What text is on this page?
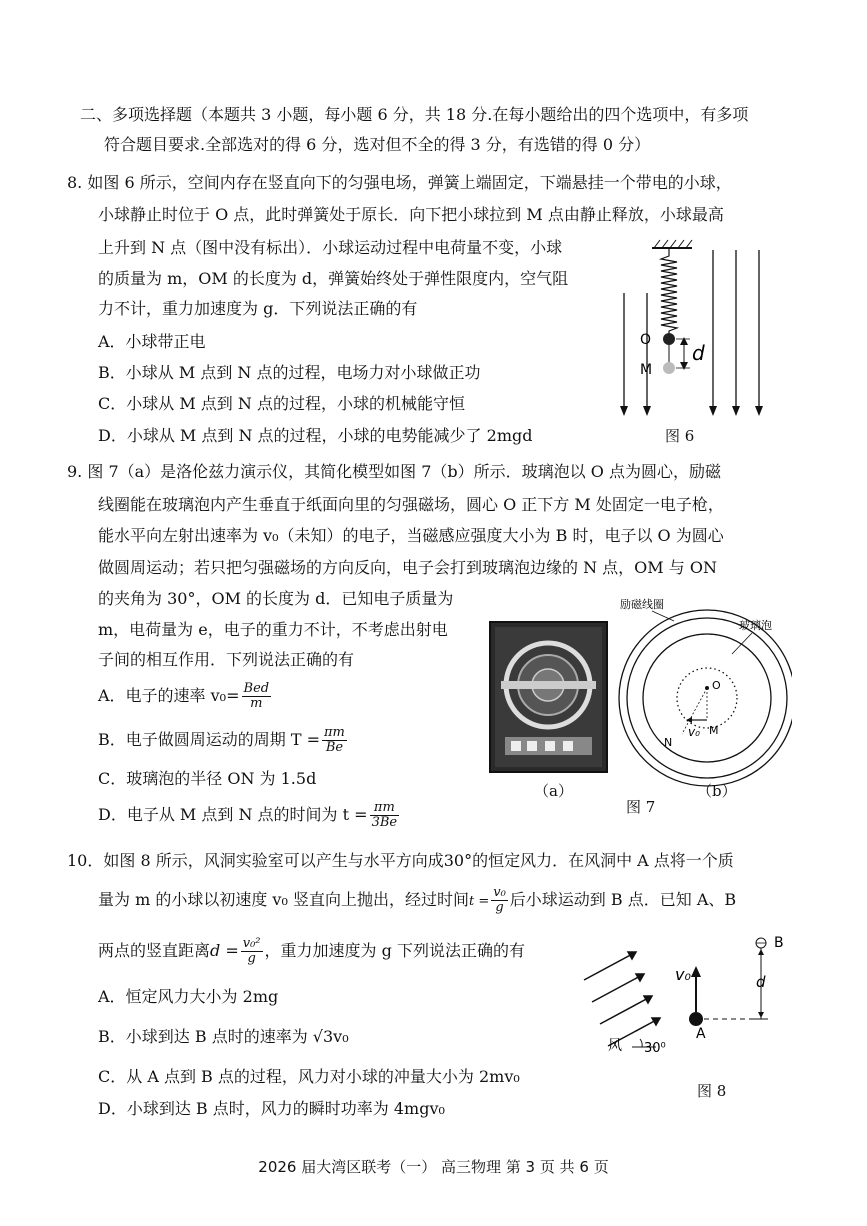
二、多项选择题（本题共 3 小题，每小题 6 分，共 18 分.在每小题给出的四个选项中，有多项
符合题目要求.全部选对的得 6 分，选对但不全的得 3 分，有选错的得 0 分）
8. 如图 6 所示，空间内存在竖直向下的匀强电场，弹簧上端固定，下端悬挂一个带电的小球，
小球静止时位于 O 点，此时弹簧处于原长．向下把小球拉到 M 点由静止释放，小球最高
上升到 N 点（图中没有标出）．小球运动过程中电荷量不变，小球
的质量为 m，OM 的长度为 d，弹簧始终处于弹性限度内，空气阻
力不计，重力加速度为 g．下列说法正确的有
A．小球带正电
B．小球从 M 点到 N 点的过程，电场力对小球做正功
C．小球从 M 点到 N 点的过程，小球的机械能守恒
D．小球从 M 点到 N 点的过程，小球的电势能减少了 2mgd
O
M
d
图 6
9. 图 7（a）是洛伦兹力演示仪，其简化模型如图 7（b）所示．玻璃泡以 O 点为圆心，励磁
线圈能在玻璃泡内产生垂直于纸面向里的匀强磁场，圆心 O 正下方 M 处固定一电子枪，
能水平向左射出速率为 v₀（未知）的电子，当磁感应强度大小为 B 时，电子以 O 为圆心
做圆周运动；若只把匀强磁场的方向反向，电子会打到玻璃泡边缘的 N 点，OM 与 ON
的夹角为 30°，OM 的长度为 d．已知电子质量为
m，电荷量为 e，电子的重力不计，不考虑出射电
子间的相互作用．下列说法正确的有
A．电子的速率 $v_0= \frac{\text{Bed}}{m}$
B．电子做圆周运动的周期 $T = \frac{\pi m}{Be}$
C．玻璃泡的半径 ON 为 1.5d
D．电子从 M 点到 N 点的时间为 $t = \frac{\pi m}{3Be}$
（a）
励磁线圈
玻璃泡
O
v₀ M
N
（b）
图 7
10．如图 8 所示，风洞实验室可以产生与水平方向成30°的恒定风力．在风洞中 A 点将一个质
量为 m 的小球以初速度 v₀ 竖直向上抛出，经过时间$t = \frac{\text{v₀}}{g}$ 后小球运动到 B 点．已知 A、B
两点的竖直距离$d = \frac{\text{v₀²}}{g}$ ，重力加速度为 g 下列说法正确的有
A．恒定风力大小为 2mg
B．小球到达 B 点时的速率为 √3v₀
C．从 A 点到 B 点的过程，风力对小球的冲量大小为 2mv₀
D．小球到达 B 点时，风力的瞬时功率为 4mgv₀
风 30⁰
v₀
A
B
d
图 8
2026 届大湾区联考（一） 高三物理 第 3 页 共 6 页
